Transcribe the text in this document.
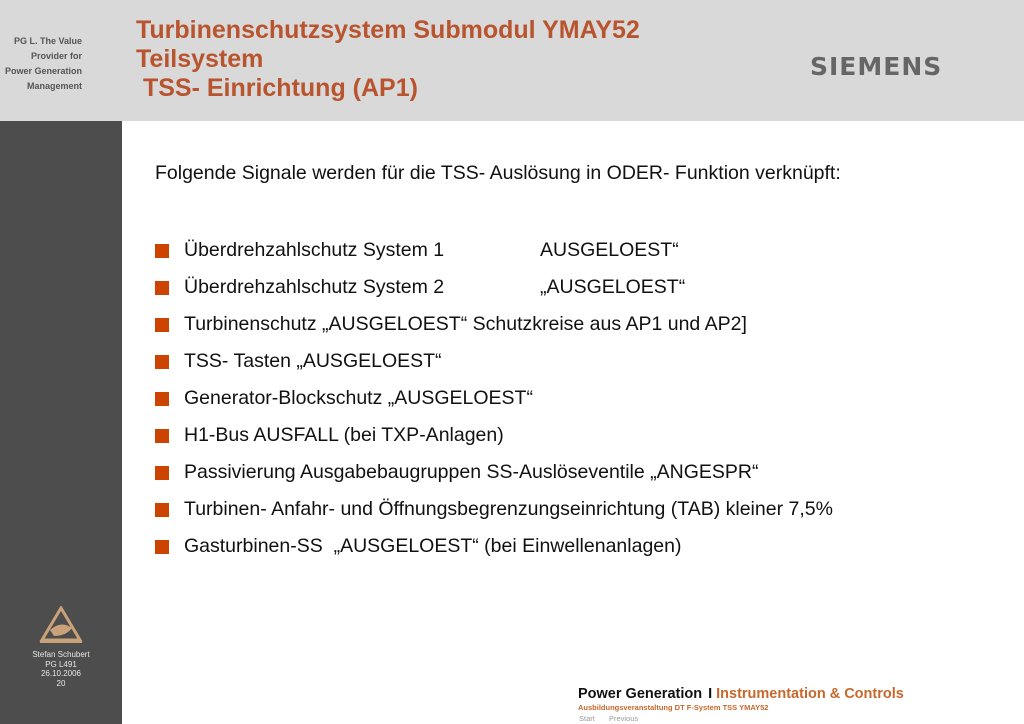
PG L. The Value
Provider for
Power Generation
Management
Turbinenschutzsystem Submodul YMAY52
Teilsystem
TSS- Einrichtung (AP1)
SIEMENS
Folgende Signale werden für die TSS- Auslösung in ODER- Funktion verknüpft:
Überdrehzahlschutz System 1	AUSGELOEST“
Überdrehzahlschutz System 2	„AUSGELOEST“
Turbinenschutz „AUSGELOEST“ Schutzkreise aus AP1 und AP2]
TSS- Tasten „AUSGELOEST“
Generator-Blockschutz „AUSGELOEST“
H1-Bus AUSFALL (bei TXP-Anlagen)
Passivierung Ausgabebaugruppen SS-Auslöseventile „ANGESPR“
Turbinen- Anfahr- und Öffnungsbegrenzungseinrichtung (TAB) kleiner 7,5%
Gasturbinen-SS  „AUSGELOEST“ (bei Einwellenanlagen)
Stefan Schubert
PG L491
26.10.2006
20
Power Generation I Instrumentation & Controls
Ausbildungsveranstaltung DT F-System TSS YMAY52
Start Previous
